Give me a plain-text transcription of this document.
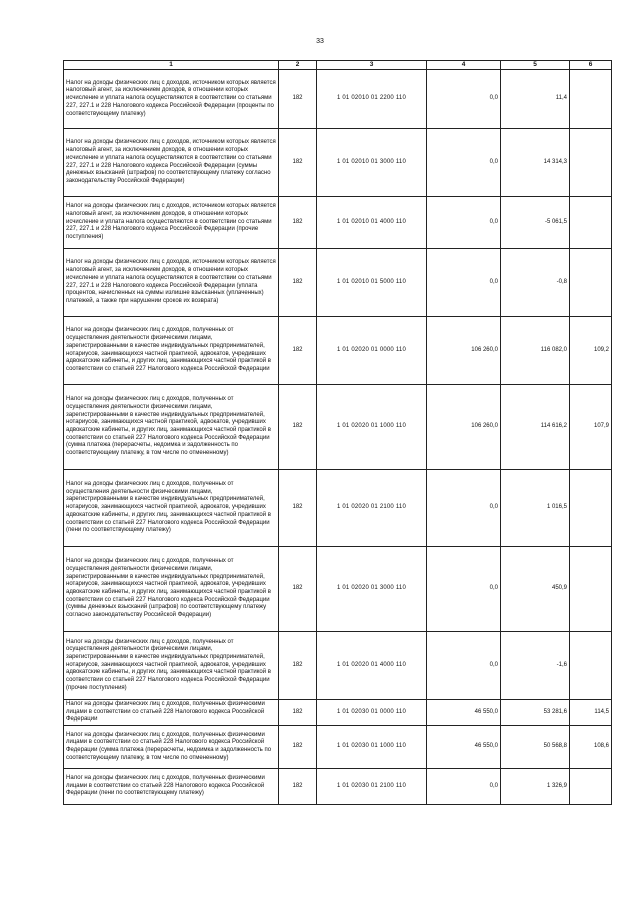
33
1	2	3	4	5	6
Налог на доходы физических лиц с доходов, источником которых является налоговый агент, за исключением доходов, в отношении которых исчисление и уплата налога осуществляются в соответствии со статьями 227, 227.1 и 228 Налогового кодекса Российской Федерации (проценты по соответствующему платежу)	182	1 01 02010 01 2200 110	0,0	11,4	
Налог на доходы физических лиц с доходов, источником которых является налоговый агент, за исключением доходов, в отношении которых исчисление и уплата налога осуществляются в соответствии со статьями 227, 227.1 и 228 Налогового кодекса Российской Федерации (суммы денежных взысканий (штрафов) по соответствующему платежу согласно законодательству Российской Федерации)	182	1 01 02010 01 3000 110	0,0	14 314,3	
Налог на доходы физических лиц с доходов, источником которых является налоговый агент, за исключением доходов, в отношении которых исчисление и уплата налога осуществляются в соответствии со статьями 227, 227.1 и 228 Налогового кодекса Российской Федерации (прочие поступления)	182	1 01 02010 01 4000 110	0,0	-5 061,5	
Налог на доходы физических лиц с доходов, источником которых является налоговый агент, за исключением доходов, в отношении которых исчисление и уплата налога осуществляются в соответствии со статьями 227, 227.1 и 228 Налогового кодекса Российской Федерации (уплата процентов, начисленных на суммы излишне взысканных (уплаченных) платежей, а также при нарушении сроков их возврата)	182	1 01 02010 01 5000 110	0,0	-0,8	
Налог на доходы физических лиц с доходов, полученных от осуществления деятельности физическими лицами, зарегистрированными в качестве индивидуальных предпринимателей, нотариусов, занимающихся частной практикой, адвокатов, учредивших адвокатские кабинеты, и других лиц, занимающихся частной практикой в соответствии со статьей 227 Налогового кодекса Российской Федерации	182	1 01 02020 01 0000 110	106 260,0	116 082,0	109,2
Налог на доходы физических лиц с доходов, полученных от осуществления деятельности физическими лицами, зарегистрированными в качестве индивидуальных предпринимателей, нотариусов, занимающихся частной практикой, адвокатов, учредивших адвокатские кабинеты, и других лиц, занимающихся частной практикой в соответствии со статьей 227 Налогового кодекса Российской Федерации (сумма платежа (перерасчеты, недоимка и задолженность по соответствующему платежу, в том числе по отмененному)	182	1 01 02020 01 1000 110	106 260,0	114 616,2	107,9
Налог на доходы физических лиц с доходов, полученных от осуществления деятельности физическими лицами, зарегистрированными в качестве индивидуальных предпринимателей, нотариусов, занимающихся частной практикой, адвокатов, учредивших адвокатские кабинеты, и других лиц, занимающихся частной практикой в соответствии со статьей 227 Налогового кодекса Российской Федерации (пени по соответствующему платежу)	182	1 01 02020 01 2100 110	0,0	1 016,5	
Налог на доходы физических лиц с доходов, полученных от осуществления деятельности физическими лицами, зарегистрированными в качестве индивидуальных предпринимателей, нотариусов, занимающихся частной практикой, адвокатов, учредивших адвокатские кабинеты, и других лиц, занимающихся частной практикой в соответствии со статьей 227 Налогового кодекса Российской Федерации (суммы денежных взысканий (штрафов) по соответствующему платежу согласно законодательству Российской Федерации)	182	1 01 02020 01 3000 110	0,0	450,9	
Налог на доходы физических лиц с доходов, полученных от осуществления деятельности физическими лицами, зарегистрированными в качестве индивидуальных предпринимателей, нотариусов, занимающихся частной практикой, адвокатов, учредивших адвокатские кабинеты, и других лиц, занимающихся частной практикой в соответствии со статьей 227 Налогового кодекса Российской Федерации (прочие поступления)	182	1 01 02020 01 4000 110	0,0	-1,6	
Налог на доходы физических лиц с доходов, полученных физическими лицами в соответствии со статьей 228 Налогового кодекса Российской Федерации	182	1 01 02030 01 0000 110	46 550,0	53 281,6	114,5
Налог на доходы физических лиц с доходов, полученных физическими лицами в соответствии со статьей 228 Налогового кодекса Российской Федерации (сумма платежа (перерасчеты, недоимка и задолженность по соответствующему платежу, в том числе по отмененному)	182	1 01 02030 01 1000 110	46 550,0	50 568,8	108,6
Налог на доходы физических лиц с доходов, полученных физическими лицами в соответствии со статьей 228 Налогового кодекса Российской Федерации (пени по соответствующему платежу)	182	1 01 02030 01 2100 110	0,0	1 326,9	
